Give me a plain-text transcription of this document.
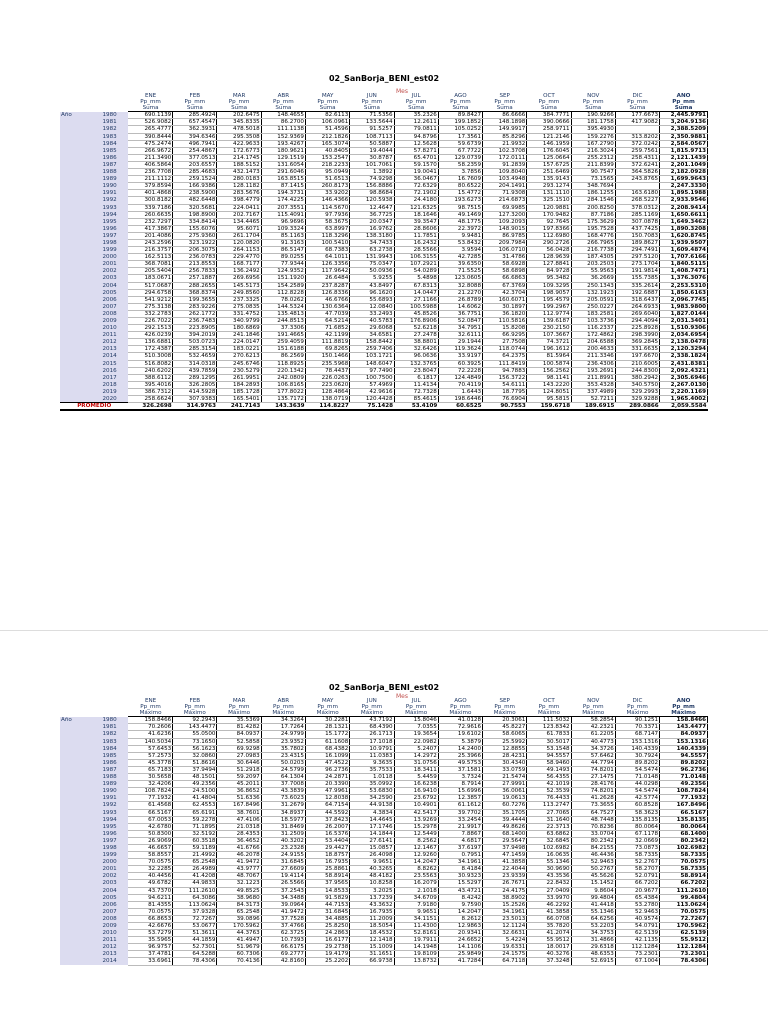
02_SanBorja_BENI_est02
Mes
		ENE	FEB	MAR	ABR	MAY	JUN	JUL	AGO	SEP	OCT	NOV	DIC	AÑO
		Pp_mm	Pp_mm	Pp_mm	Pp_mm	Pp_mm	Pp_mm	Pp_mm	Pp_mm	Pp_mm	Pp_mm	Pp_mm	Pp_mm	Pp_mm
		Suma	Suma	Suma	Suma	Suma	Suma	Suma	Suma	Suma	Suma	Suma	Suma	Suma
Año	1980	690.1139	285.4924	202.6475	148.4655	82.6113	71.5356	35.2326	89.8427	86.6666	384.7771	190.9266	177.6673	2,445.9791
	1981	526.9082	657.4547	345.8335	86.2700	106.0961	133.5644	12.2611	199.1852	148.1898	390.0666	181.1758	417.9082	3,204.9136
	1982	265.4777	362.3931	478.5018	111.1138	51.4596	91.5257	79.0811	105.0252	149.9917	258.9711	395.4930		2,388.5209
	1983	390.8444	394.6346	295.3508	152.9369	212.1826	108.7113	94.8796	17.3561	85.8296	121.2146	159.2276	313.8202	2,350.9881
	1984	475.2474	496.7941	422.9633	193.4267	165.3074	50.5887	12.5628	59.6739	21.9932	146.1959	167.2790	372.0242	2,584.0567
	1985	266.9672	254.4867	172.6773	180.9621	40.8405	19.4044	57.8271	67.7722	102.3708	176.6045	216.3024	259.7561	1,815.9713
	1986	211.3490	377.0513	214.1745	129.1519	153.2547	30.8787	65.4701	129.0739	172.0111	125.0664	255.2312	258.4311	2,121.1439
	1987	406.5864	203.6557	188.5152	131.6054	218.2233	101.7061	59.1570	58.2359	91.2839	157.6725	211.8399	372.6241	2,201.1049
	1988	236.7708	285.4683	432.1473	291.6046	95.0949	1.3892	19.0041	3.7856	109.8040	251.6469	90.7547	364.5826	2,182.0928
	1989	211.1112	259.1524	280.0183	163.8515	51.6513	74.9298	36.0467	16.7609	103.4948	135.9143	73.1565	243.8765	1,699.9643
	1990	379.8594	166.9386	128.1182	87.1415	260.8173	156.8886	72.6329	80.6522	204.1491	293.1274	348.7694		2,247.3330
	1991	401.4868	238.5900	283.5676	194.3731	33.9202	98.8684	72.1902	15.4772	71.9308	131.1110	186.1255	163.6180	1,895.1988
	1992	300.8182	482.6448	398.4779	174.4225	146.4366	120.5938	24.4180	193.6273	214.6873	325.1510	284.1546	268.5227	2,933.9546
	1993	339.7186	320.5681	224.0411	207.3551	114.5670	12.4647	121.6325	98.7515	69.9985	120.9881	200.8250	378.0312	2,208.9414
	1994	260.6635	198.8900	202.7167	115.4091	97.7936	36.7725	18.1646	49.1469	127.3200	170.9482	87.7186	285.1169	1,650.6611
	1995	232.7297	334.8414	134.4465	96.9696	58.3675	20.0347	39.3547	48.1775	109.2093	92.7645	175.3629	307.0878	1,649.3462
	1996	417.3867	155.6076	95.6071	109.3324	63.8997	16.9762	28.8606	22.3972	148.9015	197.8366	195.7528	437.7425	1,890.3208
	1997	201.4086	275.9360	261.1704	85.1163	118.3296	138.3180	11.7851	9.9481	86.9785	112.6980	168.4776	150.7083	1,620.8745
	1998	243.2596	323.1922	120.0820	91.3163	100.5410	34.7433	16.2432	53.8432	209.7984	290.2726	266.7965	189.8627	1,939.9507
	1999	216.3757	206.3075	264.1153	86.5147	68.7383	63.2738	28.5566	3.9594	106.0710	56.0428	216.7738	294.7491	1,609.4874
	2000	162.5113	236.0783	229.4770	89.0255	64.1011	131.9943	106.3155	42.7285	31.4786	128.9639	187.4305	297.5120	1,707.6166
	2001	368.7081	213.8553	168.7177	77.9344	126.3356	75.0347	107.2921	39.6350	58.6928	127.8841	203.2503	273.1704	1,840.5115
	2002	205.5404	256.7833	136.2492	124.9352	117.9642	50.0936	54.0289	71.5525	58.6898	84.9728	55.9563	191.9814	1,408.7471
	2003	183.0671	257.1887	269.6956	151.1920	26.6484	5.9255	5.4898	123.0605	66.6863	95.3482	36.2669	155.7385	1,376.3076
	2004	517.0687	288.2655	145.5173	154.2589	237.8287	43.8497	67.8313	32.8088	67.3769	109.3295	250.1343	335.2614	2,253.5310
	2005	294.6758	368.8374	249.8560	112.8228	126.8336	96.1620	14.0447	21.2270	42.3704	198.9057	132.1923	192.6887	1,850.6163
	2006	541.9212	199.3655	237.3325	78.0262	46.6766	55.6893	27.1166	26.8789	160.6071	195.4579	205.0591	318.6437	2,096.7745
	2007	275.3138	283.9226	275.0835	144.5324	130.6364	12.0840	100.5988	14.6062	30.1897	199.2967	250.0227	264.6933	1,983.9800
	2008	332.2783	262.1772	331.4752	135.4813	47.7039	33.2493	45.8526	36.7751	36.1820	112.9774	183.2581	269.6040	1,827.0144
	2009	226.7022	236.7483	340.9799	244.8513	64.5214	40.5783	176.8906	52.0847	110.5816	139.6187	103.3736	294.4094	2,031.3401
	2010	292.1513	223.8905	180.6869	37.3306	71.6852	29.6068	52.6218	34.7951	15.8208	230.2150	116.2337	225.8928	1,510.9306
	2011	426.0239	394.2019	241.1846	191.4665	42.1199	34.6581	27.2478	32.6111	66.9295	107.3667	172.4862	298.3990	2,034.6954
	2012	136.6881	503.0723	224.0147	259.4059	111.8819	158.8442	38.8801	29.1944	27.7508	74.3721	204.6588	369.2845	2,138.0478
	2013	172.4387	285.3154	183.0221	151.6188	69.8265	259.7406	32.6426	119.3624	118.0744	196.1612	200.4633	331.6635	2,120.3294
	2014	510.3008	532.4659	270.6213	86.2569	150.1466	103.1721	96.0636	33.9197	64.2375	81.5964	211.3346	197.6670	2,338.1824
	2015	516.8082	314.0318	245.6746	118.8925	235.5968	148.6047	132.3765	60.3925	111.8419	100.5874	236.4306	210.6005	2,431.8381
	2016	240.6202	439.7859	230.5279	220.1342	78.4437	97.7490	23.8047	72.2228	94.7883	156.2562	193.2691	244.8300	2,092.4321
	2017	388.6112	289.1295	261.9951	242.0809	226.0263	100.7500	6.1817	124.4849	156.3722	98.1141	211.8991	380.2942	2,305.6946
	2018	395.4016	326.2805	184.2893	106.8165	223.0620	57.4969	11.4134	70.4119	54.6111	143.2220	353.4328	340.5750	2,267.0130
	2019	386.7312	414.5928	185.1728	177.8022	128.4864	42.9616	72.7328	1.6443	18.7795	124.8051	337.4989	329.2993	2,220.1169
	2020	258.6624	307.9383	165.5401	135.7172	138.0719	120.4428	85.4615	198.6446	76.6904	95.5815	52.7211	329.9288	1,965.4002
PROMEDIO		326.2698	314.9763	241.7143	143.3639	114.8227	75.1428	53.4109	60.6525	90.7553	159.6718	189.6915	289.0866	2,059.5584
02_SanBorja_BENI_est02
Mes
		ENE	FEB	MAR	ABR	MAY	JUN	JUL	AGO	SEP	OCT	NOV	DIC	AÑO
		Pp_mm	Pp_mm	Pp_mm	Pp_mm	Pp_mm	Pp_mm	Pp_mm	Pp_mm	Pp_mm	Pp_mm	Pp_mm	Pp_mm	Pp_mm
		Máximo	Máximo	Máximo	Máximo	Máximo	Máximo	Máximo	Máximo	Máximo	Máximo	Máximo	Máximo	Máximo
Año	1980	158.8466	92.2943	35.5369	34.3264	30.2281	43.7192	15.8046	41.0128	20.3061	111.5032	58.2854	90.1251	158.8466
	1981	70.2606	143.4477	81.4282	17.7264	28.1321	68.4390	7.0355	72.9616	45.8227	123.8342	42.2321	70.3371	143.4477
	1982	41.6236	55.0500	84.0937	24.9799	15.1772	26.1713	19.3654	19.6102	58.6065	61.7833	61.2205	68.7147	84.0937
	1983	140.5034	73.1650	52.5858	23.9352	61.1608	17.1018	22.0982	5.3879	25.5992	30.5017	40.4773	153.1316	153.1316
	1984	57.6453	56.1623	69.9298	35.7802	68.4382	10.9791	5.2407	14.2400	12.8855	53.1548	34.3726	140.4339	140.4339
	1985	57.2573	32.0860	27.0983	23.4315	16.1099	11.0383	14.2972	25.3966	28.4231	94.5557	57.6462	30.7924	94.5557
	1986	45.3778	51.8616	30.6446	50.0203	47.4522	9.3635	31.0756	49.5753	30.4340	58.9460	44.7794	89.8202	89.8202
	1987	65.7183	37.9494	51.2918	24.5799	96.2736	35.7533	18.3411	37.1581	33.0759	49.1493	74.8201	54.5474	96.2736
	1988	30.5658	48.1501	59.2097	64.1304	24.2871	1.0118	5.4459	3.7324	21.5474	56.4355	27.1475	71.0148	71.0148
	1989	32.4206	49.2356	45.2011	37.7008	20.3390	35.0992	16.6238	8.7914	27.9991	42.1019	28.4176	44.0298	49.2356
	1990	108.7824	24.5100	36.8652	43.3839	47.9961	53.6830	16.9410	15.6996	36.0061	52.3539	74.8201	54.5474	108.7824
	1991	77.1932	41.4804	51.6336	73.6023	12.8038	34.2590	23.6792	12.3857	19.0613	76.4433	41.2628	42.5774	77.1932
	1992	61.4568	62.4553	167.8496	31.2679	64.7154	44.9138	10.4901	61.1612	60.7276	113.2747	73.3655	60.8528	167.8496
	1993	66.5167	65.6191	38.7601	34.8937	44.5592	4.3834	42.5417	39.7702	35.1705	27.7065	64.7527	58.3623	66.5167
	1994	67.0053	59.2278	47.4106	18.5977	37.8423	14.4645	13.9269	33.2454	39.4444	31.1640	48.7448	135.8135	135.8135
	1995	42.6780	71.1895	21.0318	31.8469	26.2007	17.1746	15.2978	21.9917	49.8626	22.3713	70.8236	80.0064	80.0064
	1996	50.8300	32.5192	28.4353	31.2509	16.5376	14.1844	12.5449	7.8867	68.1400	63.6862	33.0704	67.1178	68.1400
	1997	26.9069	60.3518	36.4652	40.3202	53.4404	27.6141	8.2562	4.6817	29.5647	32.6845	80.2342	32.0669	80.2342
	1998	46.6657	59.1189	41.6766	23.2328	29.4427	15.0857	12.1467	37.6197	37.9498	102.6982	84.2155	73.0873	102.6982
	1999	58.8557	21.4992	46.2078	24.9155	18.8757	26.4098	12.9260	0.7951	47.1459	16.0635	46.4436	58.7335	58.7335
	2000	70.0575	65.2548	41.9472	31.6845	16.7935	9.9651	14.2047	34.1961	41.3858	55.1346	52.9463	52.2767	70.0575
	2001	32.2285	26.4989	43.9777	27.6609	25.8861	40.3265	8.8262	8.4184	22.4044	30.9690	50.2767	58.2707	58.7335
	2002	40.4456	41.4208	48.7067	19.4114	58.8914	48.4182	23.5563	30.9323	23.9339	43.3536	45.5626	52.0791	58.8914
	2003	49.6782	44.9833	32.1223	26.5566	37.9565	10.8258	16.2079	15.5297	26.7671	22.8432	15.1452	66.7202	66.7202
	2004	43.7370	111.2610	49.8525	37.2543	14.8533	3.2025	2.1018	43.4721	24.4175	27.0409	9.8604	20.9677	111.2610
	2005	94.6211	64.3086	38.9680	34.3488	91.5829	13.7239	34.6709	8.4242	38.8902	33.9970	99.4804	65.4384	99.4804
	2006	81.4355	113.0624	84.3173	39.0964	44.7153	43.3632	7.9180	9.7590	15.2526	46.2292	41.4418	53.2780	113.0624
	2007	70.0575	37.9328	65.2548	41.9472	31.6845	16.7935	9.9651	14.2047	34.1961	41.3858	55.1346	52.9463	70.0575
	2008	66.8653	72.7267	39.0896	37.7528	34.4885	11.2009	34.1151	8.2612	23.5013	66.0708	64.6256	40.9574	72.7267
	2009	42.6676	53.0677	170.5962	37.4766	25.8250	18.5054	11.4300	12.9863	12.1124	35.7820	53.2203	54.0791	170.5962
	2010	53.7279	51.3611	44.3763	62.3725	24.2863	18.4532	52.8161	20.9341	32.6631	41.2074	34.3753	62.5139	62.5139
	2011	35.5965	44.1859	41.4947	10.7393	16.6177	12.1418	19.7911	24.6652	5.4224	55.9512	31.4866	42.1135	55.9512
	2012	96.9757	52.7301	51.9679	66.6175	29.2738	15.1009	14.1948	14.1106	19.6331	18.0017	29.6318	112.1284	112.1284
	2013	37.4781	64.5288	60.7306	69.2777	19.4179	31.1651	19.8109	25.9849	24.1575	40.3276	48.6353	73.2301	73.2301
	2014	33.6961	78.4306	70.4136	42.8160	25.2202	66.9738	13.8732	41.7284	64.7118	37.3248	52.6915	67.1004	78.4306
